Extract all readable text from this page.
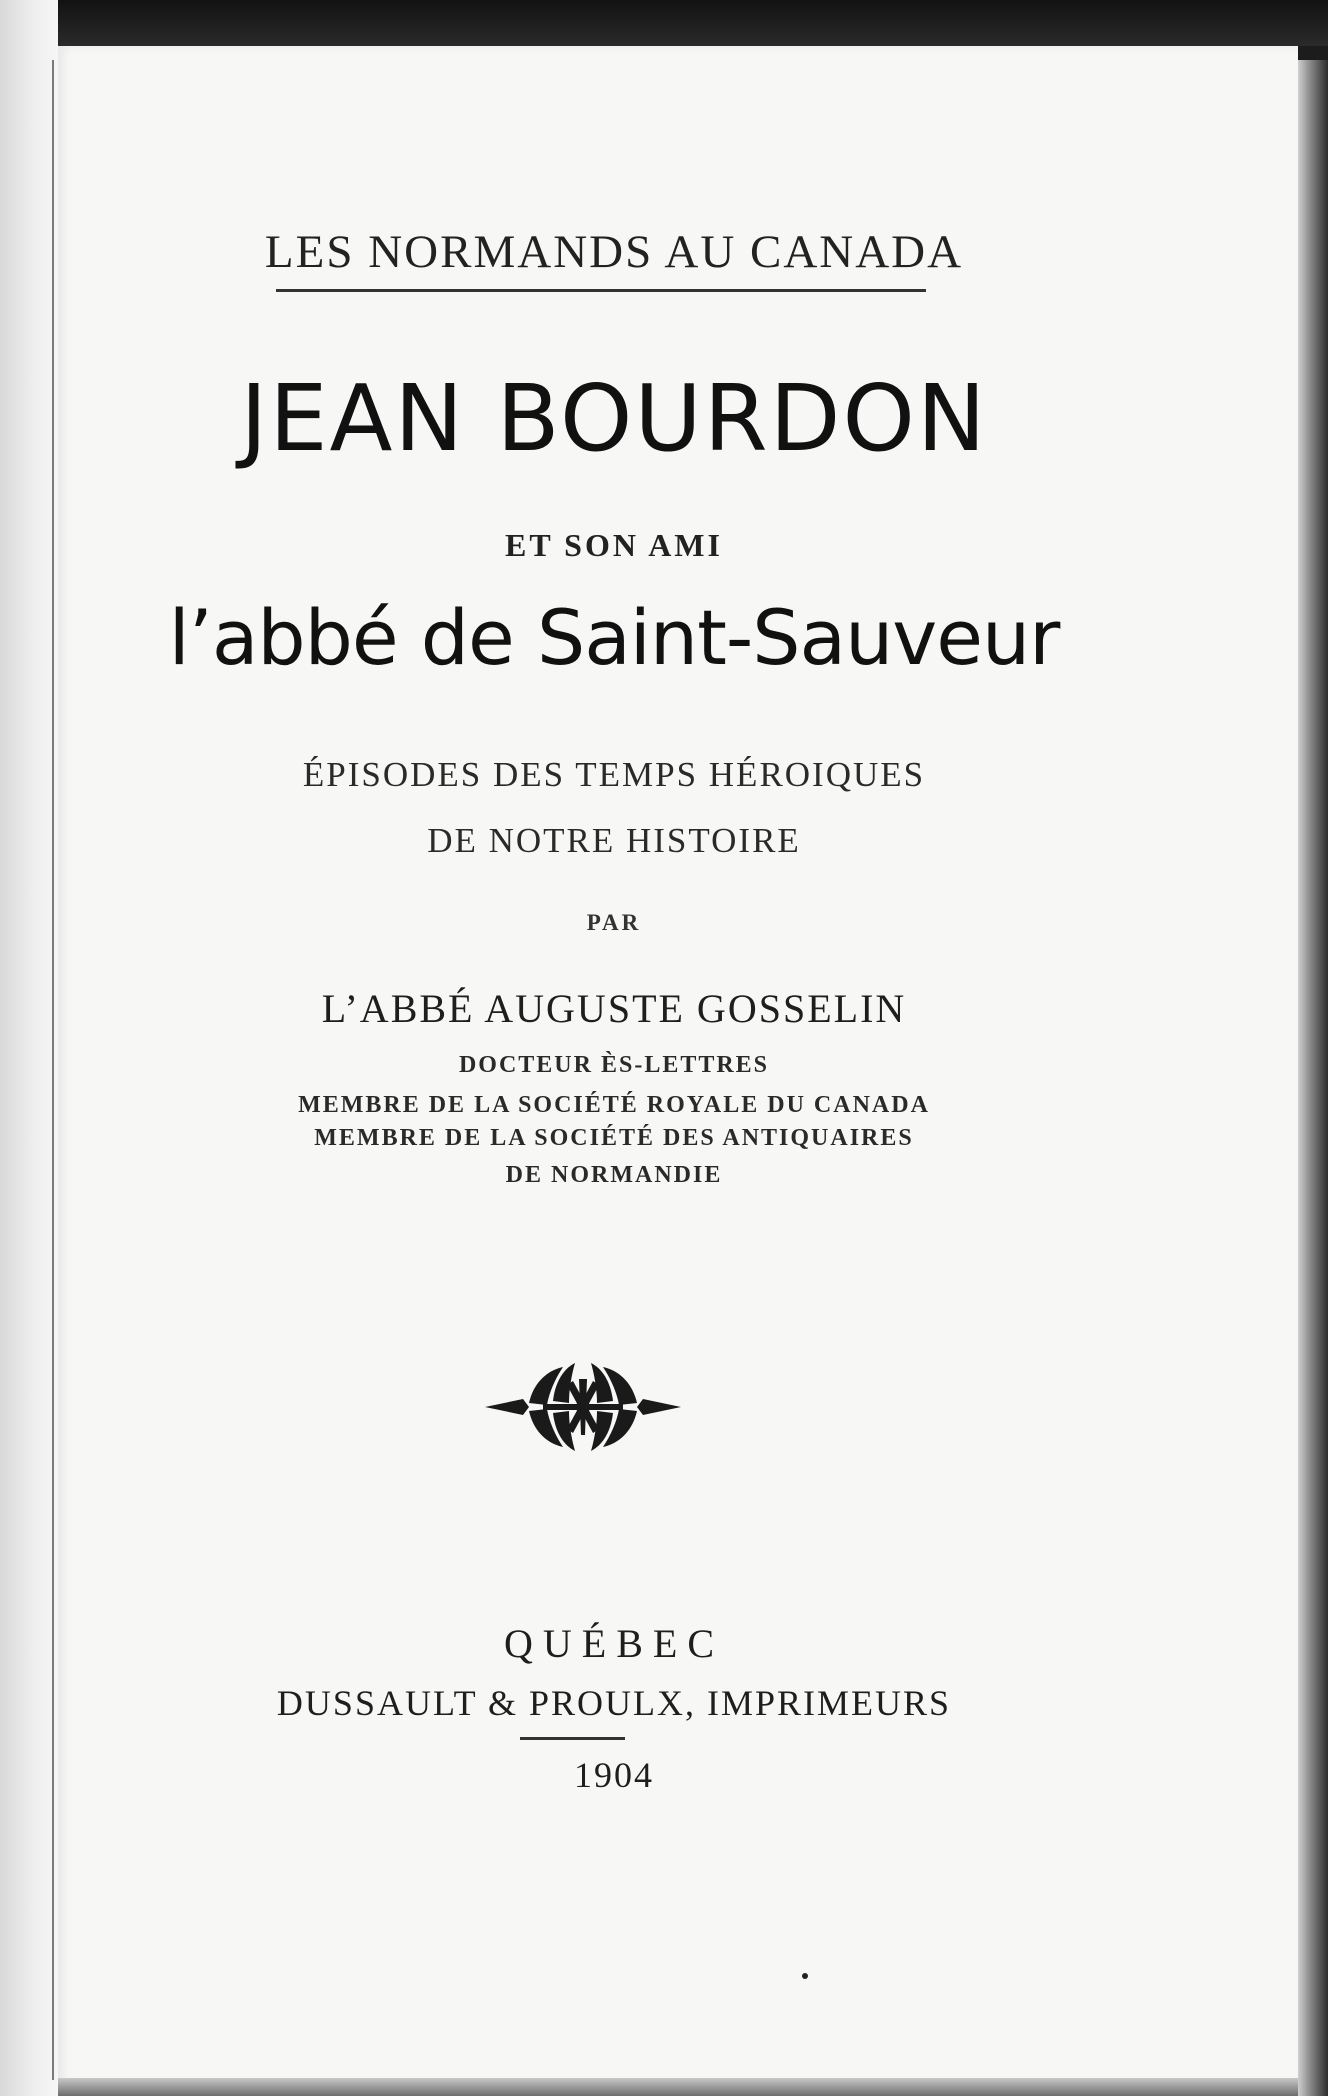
LES NORMANDS AU CANADA
JEAN BOURDON
ET SON AMI
l’abbé de Saint-Sauveur
ÉPISODES DES TEMPS HÉROIQUES
DE NOTRE HISTOIRE
PAR
L’ABBÉ AUGUSTE GOSSELIN
DOCTEUR ÈS-LETTRES
MEMBRE DE LA SOCIÉTÉ ROYALE DU CANADA
MEMBRE DE LA SOCIÉTÉ DES ANTIQUAIRES
DE NORMANDIE
QUÉBEC
DUSSAULT & PROULX, IMPRIMEURS
1904
